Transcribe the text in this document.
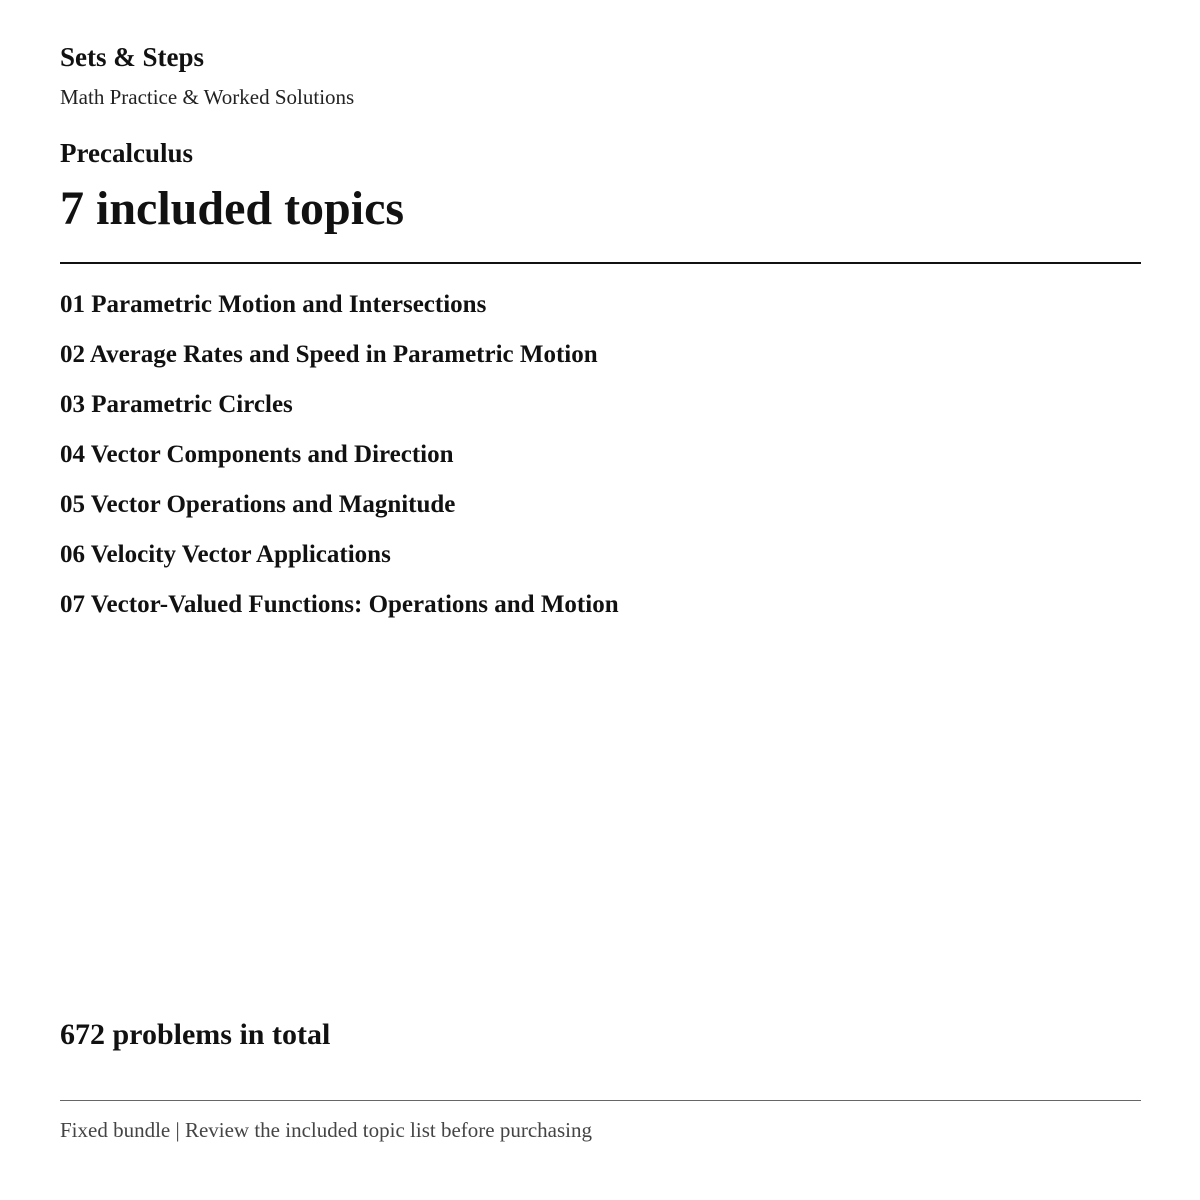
Sets & Steps
Math Practice & Worked Solutions
Precalculus
7 included topics
01 Parametric Motion and Intersections
02 Average Rates and Speed in Parametric Motion
03 Parametric Circles
04 Vector Components and Direction
05 Vector Operations and Magnitude
06 Velocity Vector Applications
07 Vector-Valued Functions: Operations and Motion
672 problems in total
Fixed bundle | Review the included topic list before purchasing
